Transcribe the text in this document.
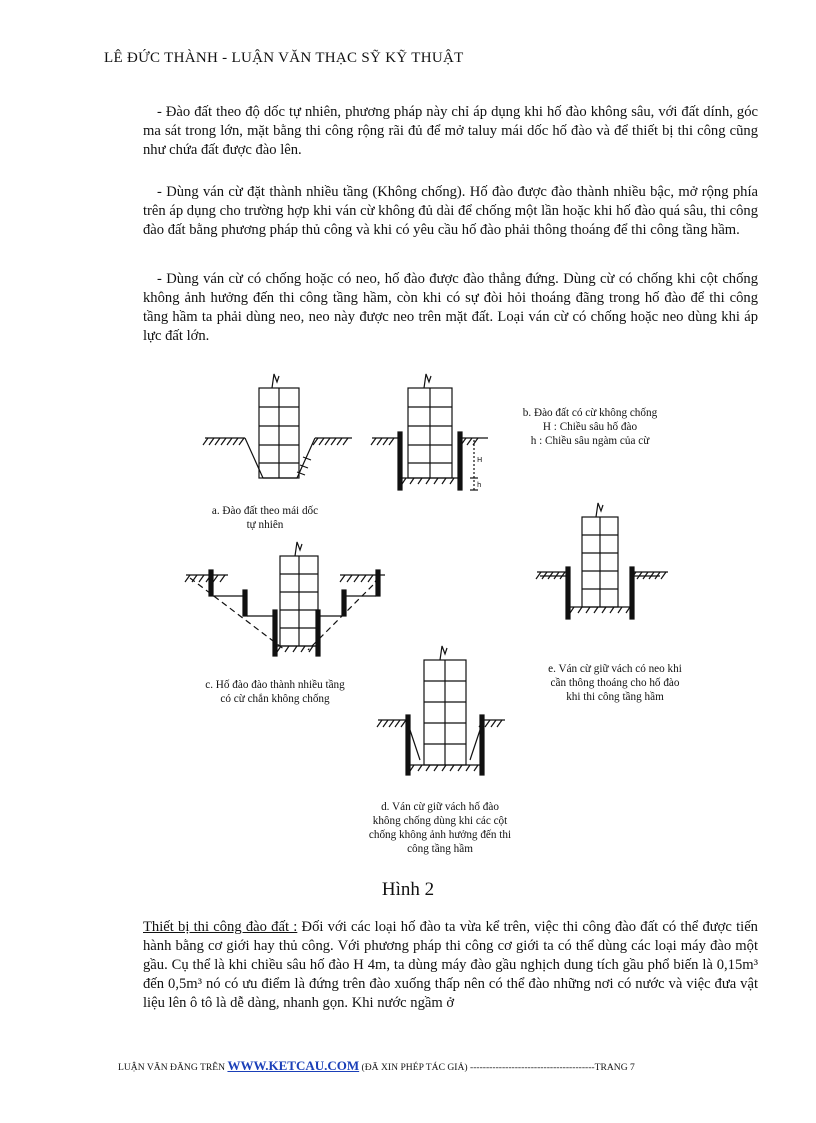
LÊ ĐỨC THÀNH - LUẬN VĂN THẠC SỸ KỸ THUẬT

- Đào đất theo độ dốc tự nhiên, phương pháp này chỉ áp dụng khi hố đào không sâu, với đất dính, góc ma sát trong lớn, mặt bằng thi công rộng rãi đủ để mở taluy mái dốc hố đào và để thiết bị thi công cũng như chứa đất được đào lên.

- Dùng ván cừ đặt thành nhiều tầng (Không chống). Hố đào được đào thành nhiều bậc, mở rộng phía trên áp dụng cho trường hợp khi ván cừ không đủ dài để chống một lần hoặc khi hố đào quá sâu, thi công đào đất bằng phương pháp thủ công và khi có yêu cầu hố đào phải thông thoáng để thi công tầng hầm.

- Dùng ván cừ có chống hoặc có neo, hố đào được đào thẳng đứng. Dùng cừ có chống khi cột chống không ảnh hưởng đến thi công tầng hầm, còn khi có sự đòi hỏi thoáng đãng trong hố đào để thi công tầng hầm ta phải dùng neo, neo này được neo trên mặt đất. Loại ván cừ có chống hoặc neo dùng khi áp lực đất lớn.

H
h
a. Đào đất theo mái dốc
tự nhiên
b. Đào đất có cừ không chống
H : Chiều sâu hố đào
h : Chiều sâu ngàm của cừ
c. Hố đào đào thành nhiều tầng
có cừ chắn không chống
d. Ván cừ giữ vách hố đào
không chống dùng khi các cột
chống không ảnh hưởng đến thi
công tầng hầm
e. Ván cừ giữ vách có neo khi
cần thông thoáng cho hố đào
khi thi công tầng hầm
Hình 2

Thiết bị thi công đào đất : Đối với các loại hố đào ta vừa kể trên, việc thi công đào đất có thể được tiến hành bằng cơ giới hay thủ công. Với phương pháp thi công cơ giới ta có thể dùng các loại máy đào một gầu. Cụ thể là khi chiều sâu hố đào H 4m, ta dùng máy đào gầu nghịch dung tích gầu phổ biến là 0,15m³ đến 0,5m³ nó có ưu điểm là đứng trên đào xuống thấp nên có thể đào những nơi có nước và việc đưa vật liệu lên ô tô là dễ dàng, nhanh gọn. Khi nước ngầm ở

LUẬN VĂN ĐĂNG TRÊN WWW.KETCAU.COM (ĐÃ XIN PHÉP TÁC GIẢ) ---------------------------------------TRANG 7
